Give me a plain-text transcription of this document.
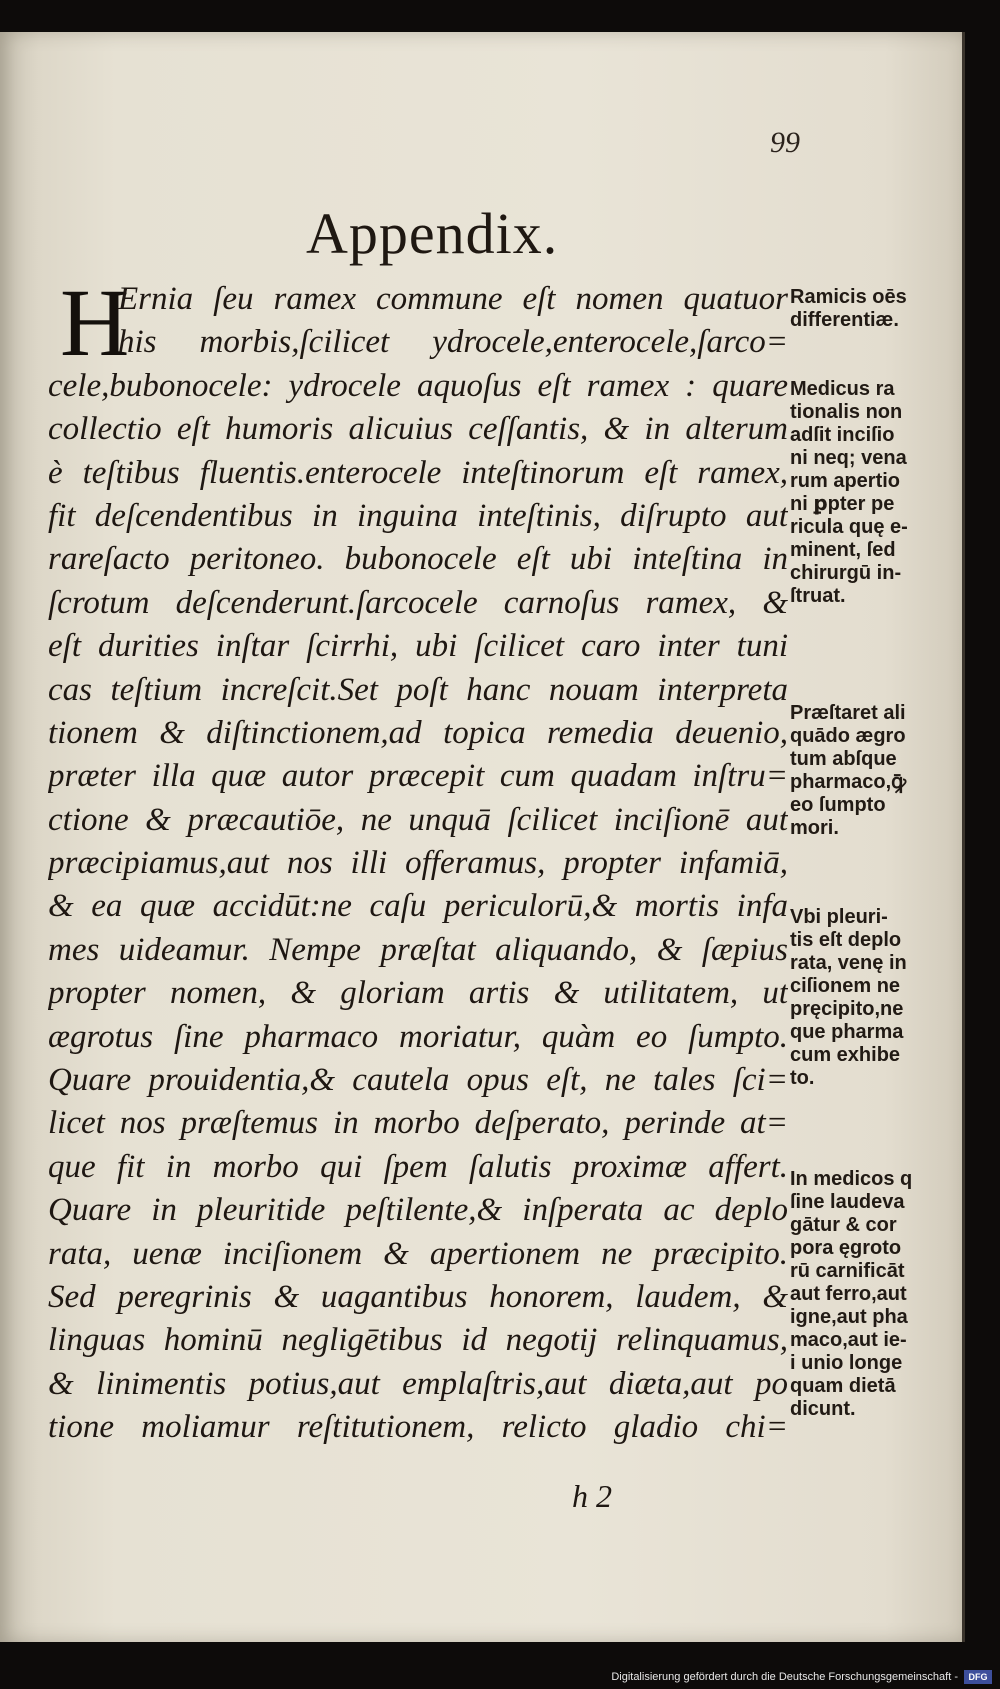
99
Appendix.
H
Ernia ſeu ramex commune eſt nomen quatuor
his morbis,ſcilicet ydrocele,enterocele,ſarco=
cele,bubonocele: ydrocele aquoſus eſt ramex : quare
collectio eſt humoris alicuius ceſſantis, & in alterum
è teſtibus fluentis.enterocele inteſtinorum eſt ramex,
fit deſcendentibus in inguina inteſtinis, diſrupto aut
rareſacto peritoneo. bubonocele eſt ubi inteſtina in
ſcrotum deſcenderunt.ſarcocele carnoſus ramex, &
eſt durities inſtar ſcirrhi, ubi ſcilicet caro inter tuni
cas teſtium increſcit.Set poſt hanc nouam interpreta
tionem & diſtinctionem,ad topica remedia deuenio,
præter illa quæ autor præcepit cum quadam inſtru=
ctione & præcautiōe, ne unquā ſcilicet inciſionē aut
præcipiamus,aut nos illi offeramus, propter infamiā,
& ea quæ accidūt:ne caſu periculorū,& mortis infa
mes uideamur. Nempe præſtat aliquando, & ſæpius
propter nomen, & gloriam artis & utilitatem, ut
ægrotus ſine pharmaco moriatur, quàm eo ſumpto.
Quare prouidentia,& cautela opus eſt, ne tales ſci=
licet nos præſtemus in morbo deſperato, perinde at=
que fit in morbo qui ſpem ſalutis proximæ affert.
Quare in pleuritide peſtilente,& inſperata ac deplo
rata, uenæ inciſionem & apertionem ne præcipito.
Sed peregrinis & uagantibus honorem, laudem, &
linguas hominū negligētibus id negotij relinquamus,
& linimentis potius,aut emplaſtris,aut diæta,aut po
tione moliamur reſtitutionem, relicto gladio chi=
Ramicis oēs
differentiæ.
Medicus ra
tionalis non
adſit inciſio
ni neq; vena
rum apertio
ni ꝑpter pe
ricula quę e-
minent, ſed
chirurgū in-
ſtruat.
Præſtaret ali
quādo ægro
tum abſque
pharmaco,ꝙ̄
eo ſumpto
mori.
Vbi pleuri-
tis eſt deplo
rata, venę in
ciſionem ne
pręcipito,ne
que pharma
cum exhibe
to.
In medicos q
ſine laudeva
gātur & cor
pora ęgroto
rū carnificāt
aut ferro,aut
igne,aut pha
maco,aut ie-
i unio longe
quam dietā
dicunt.
h 2
Digitalisierung gefördert durch die Deutsche Forschungsgemeinschaft -	DFG
